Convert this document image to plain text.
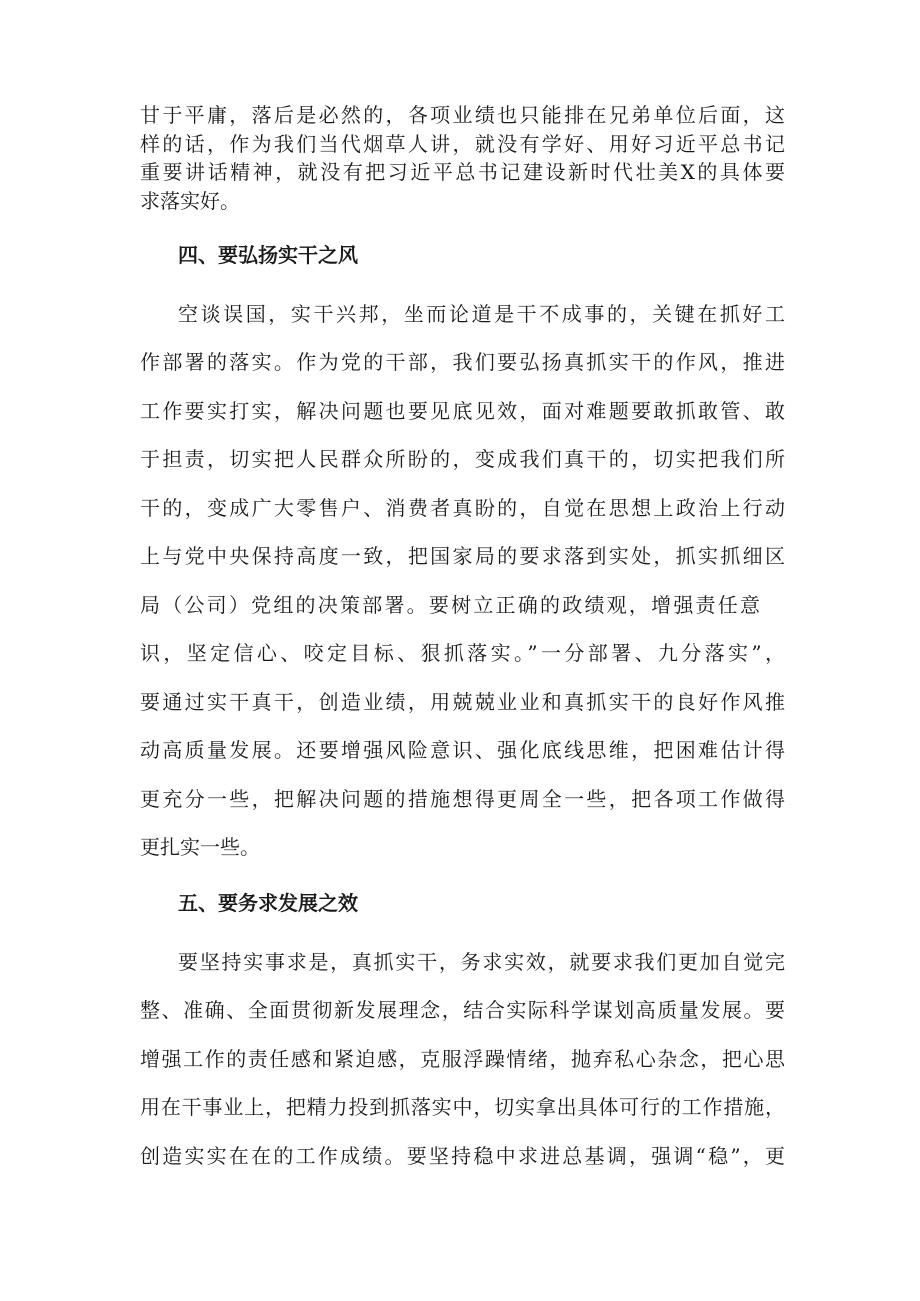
甘于平庸，落后是必然的，各项业绩也只能排在兄弟单位后面，这
样的话，作为我们当代烟草人讲，就没有学好、用好习近平总书记
重要讲话精神，就没有把习近平总书记建设新时代壮美X的具体要
求落实好。
四、要弘扬实干之风
空谈误国，实干兴邦，坐而论道是干不成事的，关键在抓好工
作部署的落实。作为党的干部，我们要弘扬真抓实干的作风，推进
工作要实打实，解决问题也要见底见效，面对难题要敢抓敢管、敢
于担责，切实把人民群众所盼的，变成我们真干的，切实把我们所
干的，变成广大零售户、消费者真盼的，自觉在思想上政治上行动
上与党中央保持高度一致，把国家局的要求落到实处，抓实抓细区
局（公司）党组的决策部署。要树立正确的政绩观，增强责任意
识，坚定信心、咬定目标、狠抓落实。”一分部署、九分落实”，
要通过实干真干，创造业绩，用兢兢业业和真抓实干的良好作风推
动高质量发展。还要增强风险意识、强化底线思维，把困难估计得
更充分一些，把解决问题的措施想得更周全一些，把各项工作做得
更扎实一些。
五、要务求发展之效
要坚持实事求是，真抓实干，务求实效，就要求我们更加自觉完
整、准确、全面贯彻新发展理念，结合实际科学谋划高质量发展。要
增强工作的责任感和紧迫感，克服浮躁情绪，抛弃私心杂念，把心思
用在干事业上，把精力投到抓落实中，切实拿出具体可行的工作措施，
创造实实在在的工作成绩。要坚持稳中求进总基调，强调“稳”，更
